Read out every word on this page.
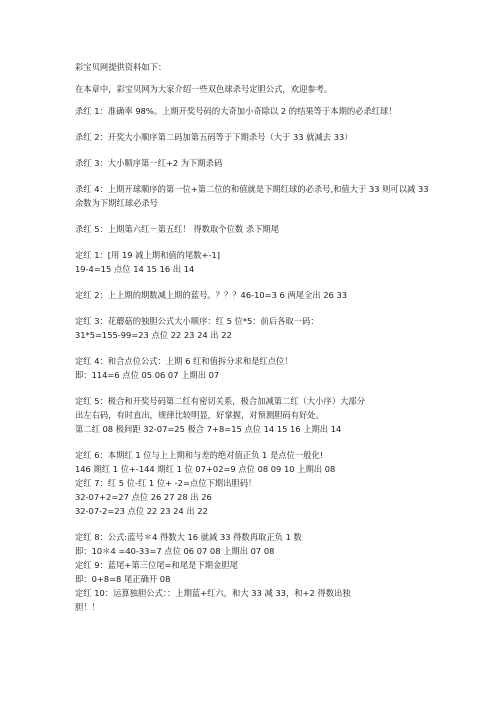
彩宝贝网提供资料如下：
在本章中，彩宝贝网为大家介绍一些双色球杀号定胆公式，欢迎参考。
杀红 1：准确率 98%。上期开奖号码的大奇加小奇除以 2 的结果等于本期的必杀红球！
杀红 2：开奖大小顺序第二码加第五码等于下期杀号（大于 33 就减去 33）
杀红 3：大小顺序第一红+2 为下期杀码
杀红 4：上期开球顺序的第一位+第二位的和值就是下期红球的必杀号,和值大于 33 则可以减 33 余数为下期红球必杀号
杀红 5：上期第六红－第五红！ 得数取个位数 杀下期尾
定红 1：[用 19 减上期和值的尾数+-1]
19-4=15 点位 14 15 16 出 14
定红 2：上上期的期数减上期的蓝号。？？？46-10=3 6 两尾全出 26 33
定红 3：花蘑菇的独胆公式大小顺序：红 5 位*5：前后各取一码：
31*5=155-99=23 点位 22 23 24 出 22
定红 4：和合点位公式：上期 6 红和值拆分求和是红点位！
即：114=6 点位 05 06 07 上期出 07
定红 5：极合和开奖号码第二红有密切关系，极合加减第二红（大小序）大部分
出左右码，有时直出，规律比较明显，好掌握，对预测胆码有好处。
第二红 08 极间距 32-07=25 极合 7+8=15 点位 14 15 16 上期出 14
定红 6：本期红 1 位与上上期和与差的绝对值正负 1 是点位一般化!
146 期红 1 位+-144 期红 1 位 07+02=9 点位 08 09 10 上期出 08
定红 7：红 5 位-红 1 位+ -2=点位下期出胆码！
32-07+2=27 点位 26 27 28 出 26
32-07-2=23 点位 22 23 24 出 22
定红 8：公式:蓝号＊4 得数大 16 就减 33 得数再取正负 1 数
即：10＊4 =40-33=7 点位 06 07 08 上期出 07 08
定红 9：蓝尾+第三位尾=和尾是下期金胆尾
即：0+8=8 尾正确开 08
定红 10：运算独胆公式：：上期蓝+红六，和大 33 减 33，和+2 得数出独
胆！！
